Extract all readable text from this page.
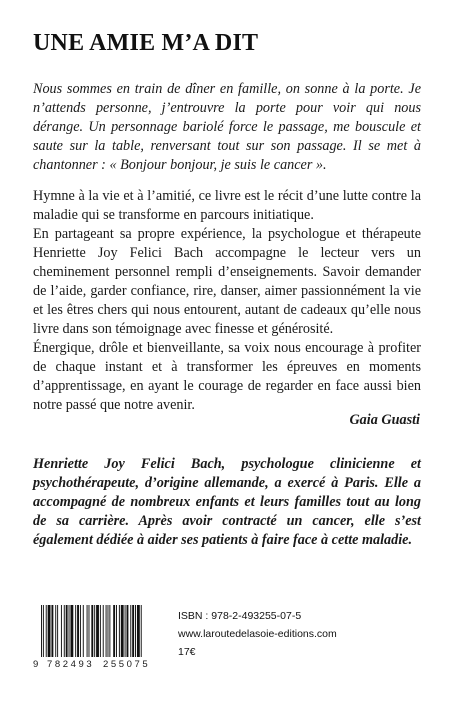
UNE AMIE M’A DIT

Nous sommes en train de dîner en famille, on sonne à la porte. Je n’attends personne, j’entrouvre la porte pour voir qui nous dérange. Un personnage bariolé force le passage, me bouscule et saute sur la table, renversant tout sur son passage. Il se met à chantonner : « Bonjour bonjour, je suis le cancer ».

Hymne à la vie et à l’amitié, ce livre est le récit d’une lutte contre la maladie qui se transforme en parcours initiatique.

En partageant sa propre expérience, la psychologue et thérapeute Henriette Joy Felici Bach accompagne le lecteur vers un cheminement personnel rempli d’enseignements. Savoir demander de l’aide, garder confiance, rire, danser, aimer passionnément la vie et les êtres chers qui nous entourent, autant de cadeaux qu’elle nous livre dans son témoignage avec finesse et générosité.

Énergique, drôle et bienveillante, sa voix nous encourage à profiter de chaque instant et à transformer les épreuves en moments d’apprentissage, en ayant le courage de regarder en face aussi bien notre passé que notre avenir.

Gaia Guasti

Henriette Joy Felici Bach, psychologue clinicienne et psychothérapeute, d’origine allemande, a exercé à Paris. Elle a accompagné de nombreux enfants et leurs familles tout au long de sa carrière. Après avoir contracté un cancer, elle s’est également dédiée à aider ses patients à faire face à cette maladie.

9 782493 255075
ISBN : 978-2-493255-07-5
www.laroutedelasoie-editions.com
17€
